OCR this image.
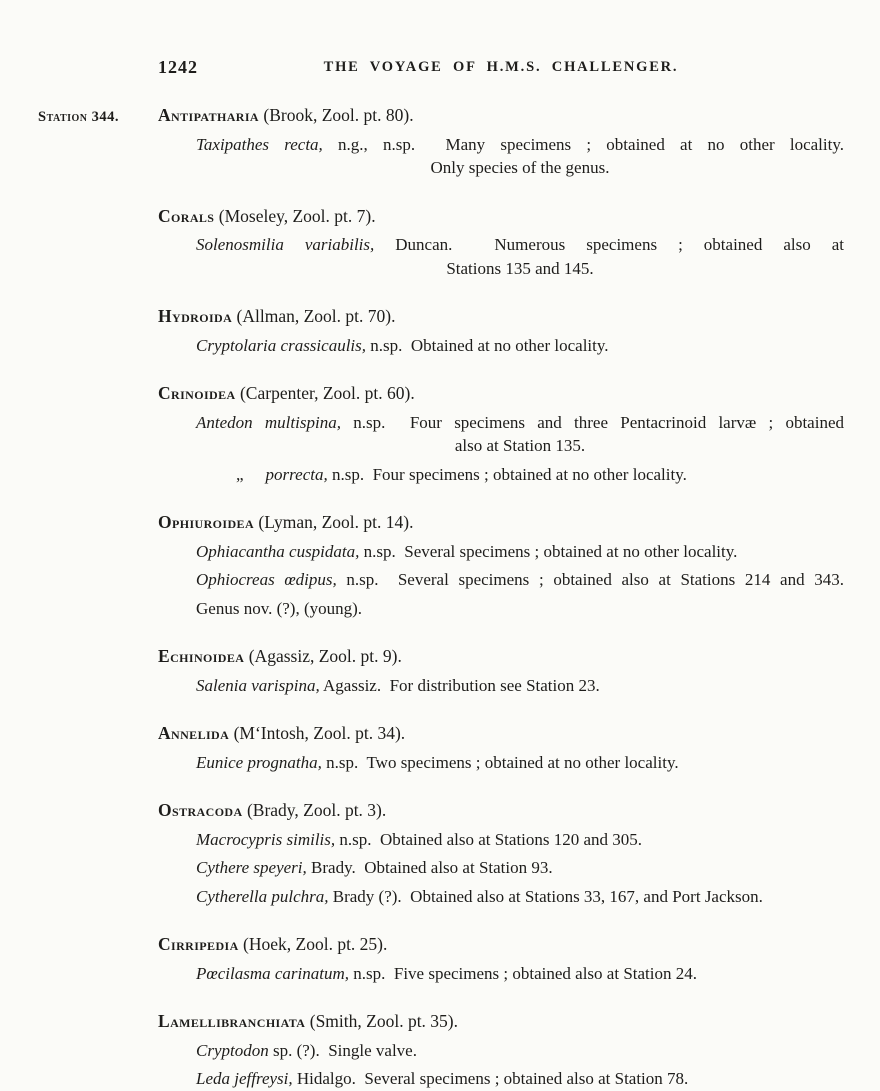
Station 344.
1242	THE VOYAGE OF H.M.S. CHALLENGER.
Antipatharia (Brook, Zool. pt. 80).
Taxipathes recta, n.g., n.sp.  Many specimens ; obtained at no other locality.
Only species of the genus.
Corals (Moseley, Zool. pt. 7).
Solenosmilia variabilis, Duncan.  Numerous specimens ; obtained also at
Stations 135 and 145.
Hydroida (Allman, Zool. pt. 70).
Cryptolaria crassicaulis, n.sp.  Obtained at no other locality.
Crinoidea (Carpenter, Zool. pt. 60).
Antedon multispina, n.sp.  Four specimens and three Pentacrinoid larvæ ; obtained
also at Station 135.
„ porrecta, n.sp.  Four specimens ; obtained at no other locality.
Ophiuroidea (Lyman, Zool. pt. 14).
Ophiacantha cuspidata, n.sp.  Several specimens ; obtained at no other locality.
Ophiocreas œdipus, n.sp.  Several specimens ; obtained also at Stations 214 and 343.
Genus nov. (?), (young).
Echinoidea (Agassiz, Zool. pt. 9).
Salenia varispina, Agassiz.  For distribution see Station 23.
Annelida (M‘Intosh, Zool. pt. 34).
Eunice prognatha, n.sp.  Two specimens ; obtained at no other locality.
Ostracoda (Brady, Zool. pt. 3).
Macrocypris similis, n.sp.  Obtained also at Stations 120 and 305.
Cythere speyeri, Brady.  Obtained also at Station 93.
Cytherella pulchra, Brady (?).  Obtained also at Stations 33, 167, and Port Jackson.
Cirripedia (Hoek, Zool. pt. 25).
Pœcilasma carinatum, n.sp.  Five specimens ; obtained also at Station 24.
Lamellibranchiata (Smith, Zool. pt. 35).
Cryptodon sp. (?).  Single valve.
Leda jeffreysi, Hidalgo.  Several specimens ; obtained also at Station 78.
